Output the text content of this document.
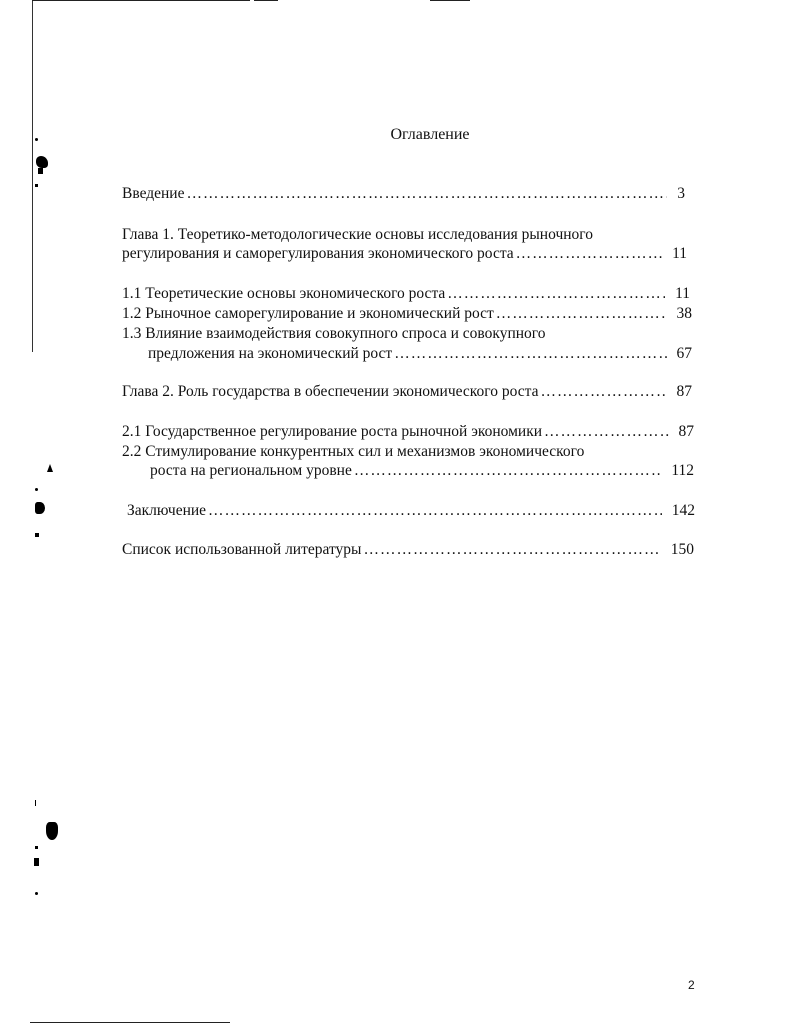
Оглавление
Введение …………………………………………………………………………………………………………………………………	3
Глава 1. Теоретико-методологические основы исследования рыночного
регулирования и саморегулирования экономического роста …………………………………………………………………………………………………………………………………	11
1.1 Теоретические основы экономического роста …………………………………………………………………………………………………………………………………	11
1.2 Рыночное саморегулирование и экономический рост …………………………………………………………………………………………………………………………………	38
1.3 Влияние взаимодействия совокупного спроса и совокупного
предложения на экономический рост …………………………………………………………………………………………………………………………………	67
Глава 2. Роль государства в обеспечении экономического роста …………………………………………………………………………………………………………………………………	87
2.1 Государственное регулирование роста рыночной экономики …………………………………………………………………………………………………………………………………	87
2.2 Стимулирование конкурентных сил и механизмов экономического
роста на региональном уровне …………………………………………………………………………………………………………………………………	112
Заключение …………………………………………………………………………………………………………………………………	142
Список использованной литературы …………………………………………………………………………………………………………………………………	150
2
